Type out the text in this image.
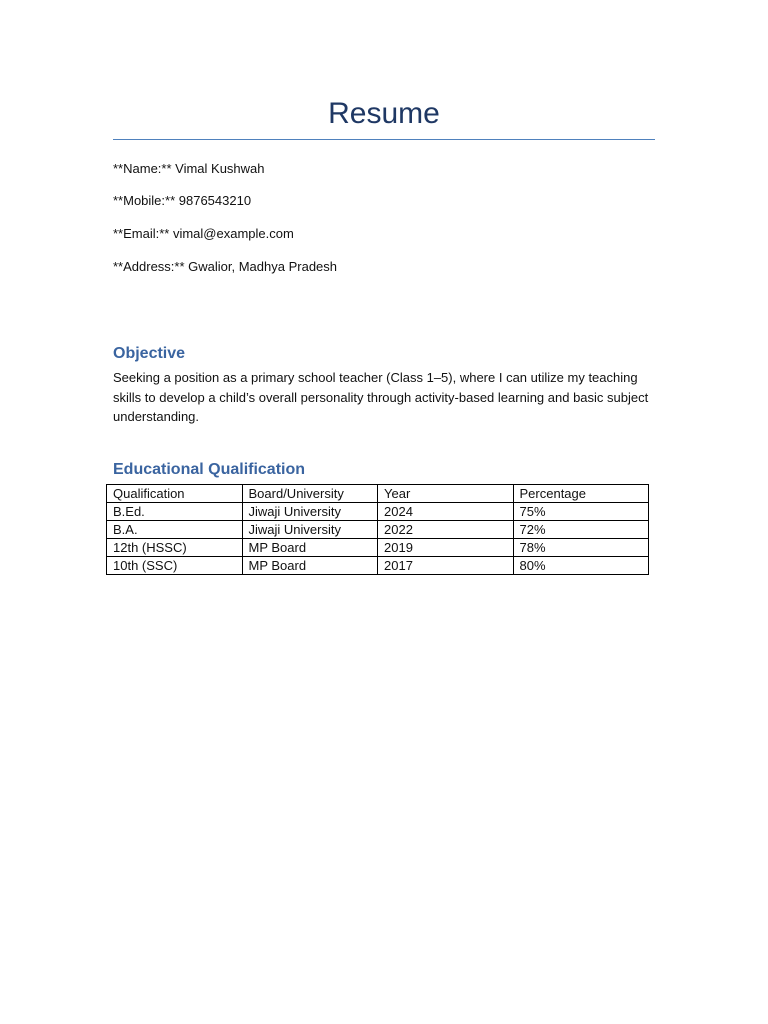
Resume
**Name:** Vimal Kushwah
**Mobile:** 9876543210
**Email:** vimal@example.com
**Address:** Gwalior, Madhya Pradesh
Objective
Seeking a position as a primary school teacher (Class 1–5), where I can utilize my teaching skills to develop a child’s overall personality through activity-based learning and basic subject understanding.
Educational Qualification
Qualification	Board/University	Year	Percentage
B.Ed.	Jiwaji University	2024	75%
B.A.	Jiwaji University	2022	72%
12th (HSSC)	MP Board	2019	78%
10th (SSC)	MP Board	2017	80%
